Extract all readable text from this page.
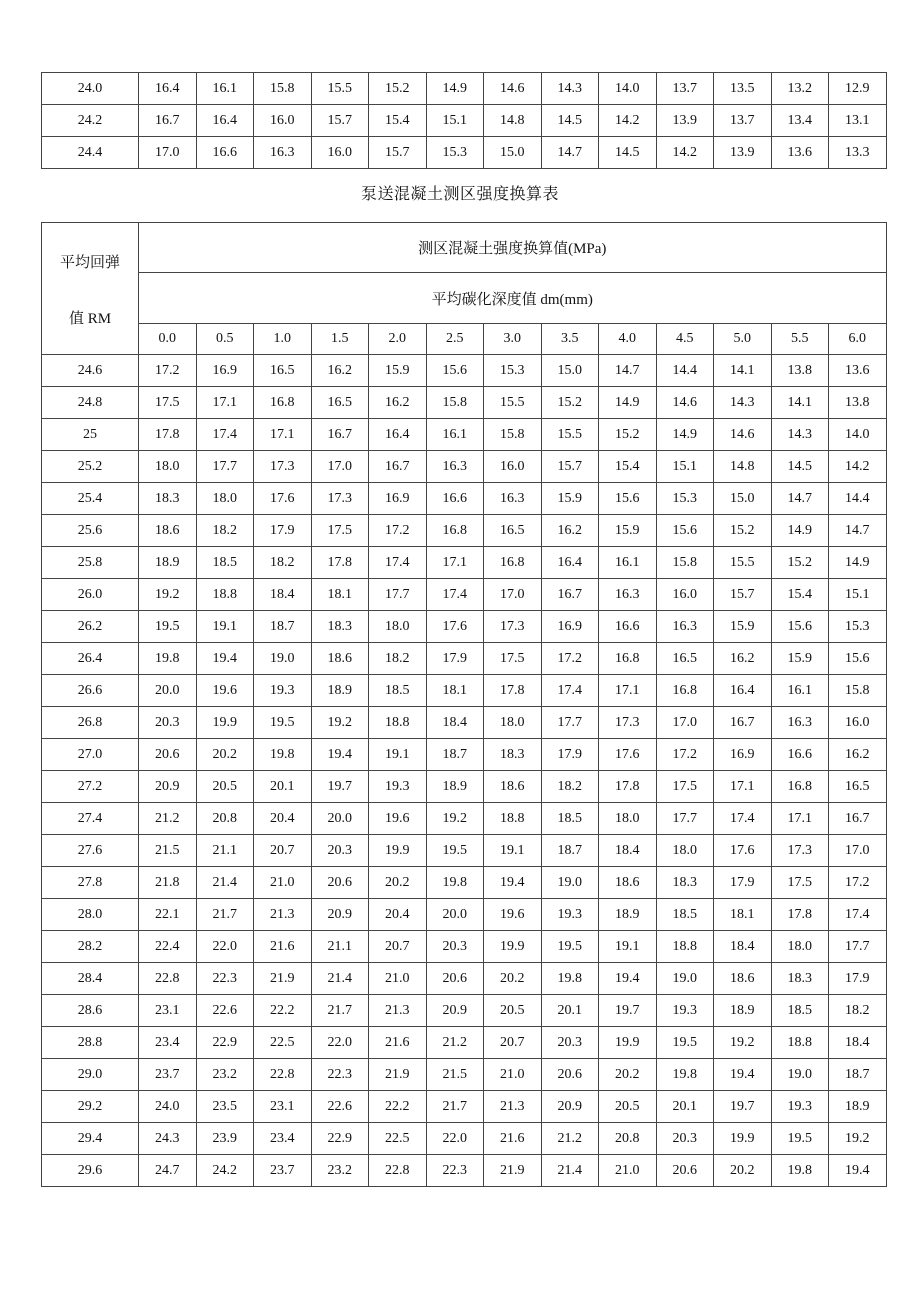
24.0	16.4	16.1	15.8	15.5	15.2	14.9	14.6	14.3	14.0	13.7	13.5	13.2	12.9
24.2	16.7	16.4	16.0	15.7	15.4	15.1	14.8	14.5	14.2	13.9	13.7	13.4	13.1
24.4	17.0	16.6	16.3	16.0	15.7	15.3	15.0	14.7	14.5	14.2	13.9	13.6	13.3
泵送混凝土测区强度换算表
平均回弹
值 RM	测区混凝土强度换算值(MPa)												
	平均碳化深度值 dm(mm)												
	0.0	0.5	1.0	1.5	2.0	2.5	3.0	3.5	4.0	4.5	5.0	5.5	6.0
24.6	17.2	16.9	16.5	16.2	15.9	15.6	15.3	15.0	14.7	14.4	14.1	13.8	13.6
24.8	17.5	17.1	16.8	16.5	16.2	15.8	15.5	15.2	14.9	14.6	14.3	14.1	13.8
25	17.8	17.4	17.1	16.7	16.4	16.1	15.8	15.5	15.2	14.9	14.6	14.3	14.0
25.2	18.0	17.7	17.3	17.0	16.7	16.3	16.0	15.7	15.4	15.1	14.8	14.5	14.2
25.4	18.3	18.0	17.6	17.3	16.9	16.6	16.3	15.9	15.6	15.3	15.0	14.7	14.4
25.6	18.6	18.2	17.9	17.5	17.2	16.8	16.5	16.2	15.9	15.6	15.2	14.9	14.7
25.8	18.9	18.5	18.2	17.8	17.4	17.1	16.8	16.4	16.1	15.8	15.5	15.2	14.9
26.0	19.2	18.8	18.4	18.1	17.7	17.4	17.0	16.7	16.3	16.0	15.7	15.4	15.1
26.2	19.5	19.1	18.7	18.3	18.0	17.6	17.3	16.9	16.6	16.3	15.9	15.6	15.3
26.4	19.8	19.4	19.0	18.6	18.2	17.9	17.5	17.2	16.8	16.5	16.2	15.9	15.6
26.6	20.0	19.6	19.3	18.9	18.5	18.1	17.8	17.4	17.1	16.8	16.4	16.1	15.8
26.8	20.3	19.9	19.5	19.2	18.8	18.4	18.0	17.7	17.3	17.0	16.7	16.3	16.0
27.0	20.6	20.2	19.8	19.4	19.1	18.7	18.3	17.9	17.6	17.2	16.9	16.6	16.2
27.2	20.9	20.5	20.1	19.7	19.3	18.9	18.6	18.2	17.8	17.5	17.1	16.8	16.5
27.4	21.2	20.8	20.4	20.0	19.6	19.2	18.8	18.5	18.0	17.7	17.4	17.1	16.7
27.6	21.5	21.1	20.7	20.3	19.9	19.5	19.1	18.7	18.4	18.0	17.6	17.3	17.0
27.8	21.8	21.4	21.0	20.6	20.2	19.8	19.4	19.0	18.6	18.3	17.9	17.5	17.2
28.0	22.1	21.7	21.3	20.9	20.4	20.0	19.6	19.3	18.9	18.5	18.1	17.8	17.4
28.2	22.4	22.0	21.6	21.1	20.7	20.3	19.9	19.5	19.1	18.8	18.4	18.0	17.7
28.4	22.8	22.3	21.9	21.4	21.0	20.6	20.2	19.8	19.4	19.0	18.6	18.3	17.9
28.6	23.1	22.6	22.2	21.7	21.3	20.9	20.5	20.1	19.7	19.3	18.9	18.5	18.2
28.8	23.4	22.9	22.5	22.0	21.6	21.2	20.7	20.3	19.9	19.5	19.2	18.8	18.4
29.0	23.7	23.2	22.8	22.3	21.9	21.5	21.0	20.6	20.2	19.8	19.4	19.0	18.7
29.2	24.0	23.5	23.1	22.6	22.2	21.7	21.3	20.9	20.5	20.1	19.7	19.3	18.9
29.4	24.3	23.9	23.4	22.9	22.5	22.0	21.6	21.2	20.8	20.3	19.9	19.5	19.2
29.6	24.7	24.2	23.7	23.2	22.8	22.3	21.9	21.4	21.0	20.6	20.2	19.8	19.4
